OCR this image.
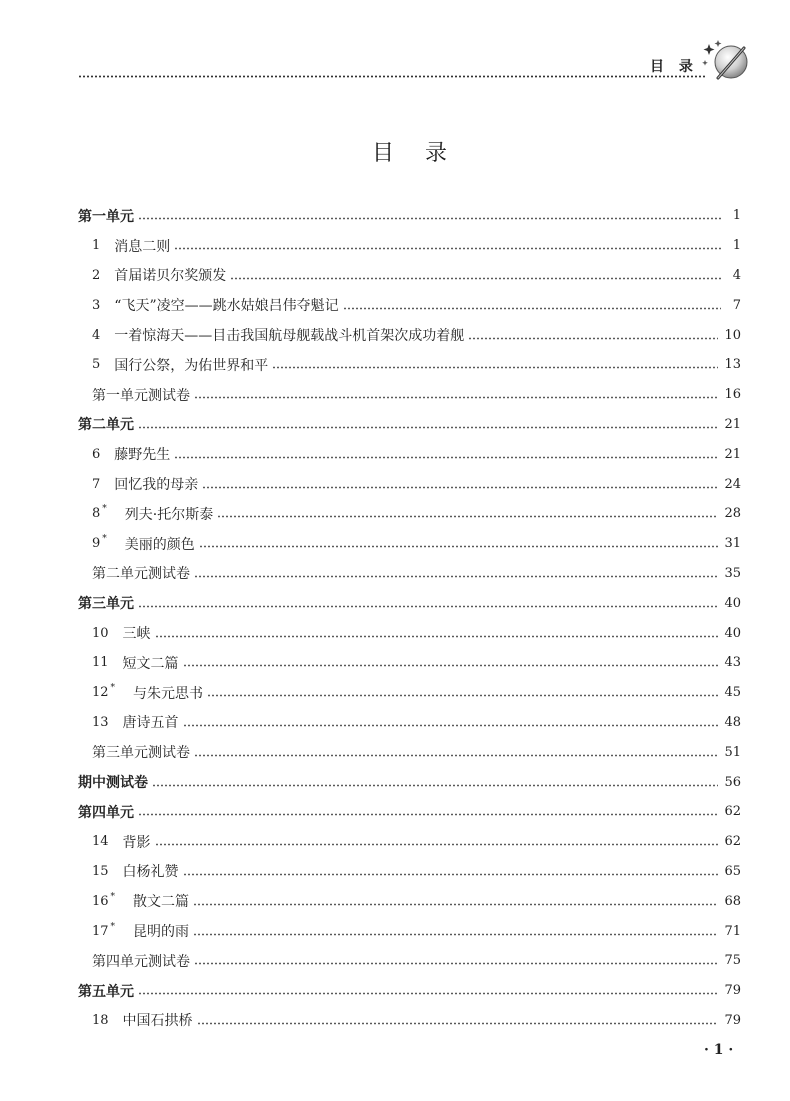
目 录
目 录
第一单元	1
1 消息二则	1
2 首届诺贝尔奖颁发	4
3 “飞天”凌空——跳水姑娘吕伟夺魁记	7
4 一着惊海天——目击我国航母舰载战斗机首架次成功着舰	10
5 国行公祭，为佑世界和平	13
第一单元测试卷	16
第二单元	21
6 藤野先生	21
7 回忆我的母亲	24
8* 列夫·托尔斯泰	28
9* 美丽的颜色	31
第二单元测试卷	35
第三单元	40
10 三峡	40
11 短文二篇	43
12* 与朱元思书	45
13 唐诗五首	48
第三单元测试卷	51
期中测试卷	56
第四单元	62
14 背影	62
15 白杨礼赞	65
16* 散文二篇	68
17* 昆明的雨	71
第四单元测试卷	75
第五单元	79
18 中国石拱桥	79
· 1 ·
